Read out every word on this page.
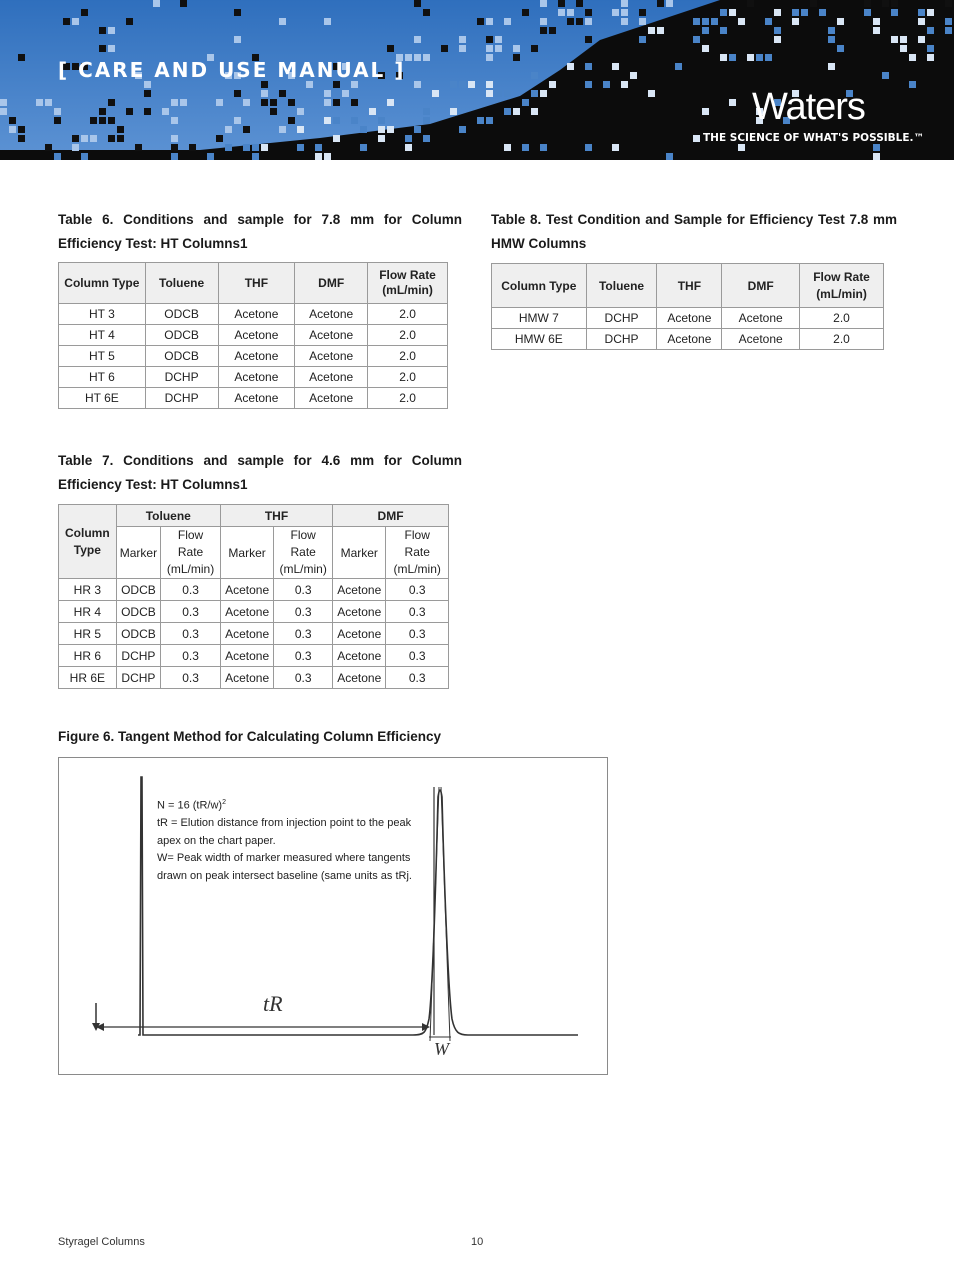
[ CARE AND USE MANUAL ]
Waters
THE SCIENCE OF WHAT'S POSSIBLE.™
Table 6. Conditions and sample for 7.8 mm for Column Efficiency Test: HT Columns1
Column Type	Toluene	THF	DMF	Flow Rate (mL/min)
HT 3	ODCB	Acetone	Acetone	2.0
HT 4	ODCB	Acetone	Acetone	2.0
HT 5	ODCB	Acetone	Acetone	2.0
HT 6	DCHP	Acetone	Acetone	2.0
HT 6E	DCHP	Acetone	Acetone	2.0
Table 8. Test Condition and Sample for Efficiency Test 7.8 mm HMW Columns
Column Type	Toluene	THF	DMF	Flow Rate (mL/min)
HMW 7	DCHP	Acetone	Acetone	2.0
HMW 6E	DCHP	Acetone	Acetone	2.0
Table 7. Conditions and sample for 4.6 mm for Column Efficiency Test: HT Columns1
Column Type	Toluene		THF		DMF	
	Marker	Flow Rate (mL/min)	Marker	Flow Rate (mL/min)	Marker	Flow Rate (mL/min)
HR 3	ODCB	0.3	Acetone	0.3	Acetone	0.3
HR 4	ODCB	0.3	Acetone	0.3	Acetone	0.3
HR 5	ODCB	0.3	Acetone	0.3	Acetone	0.3
HR 6	DCHP	0.3	Acetone	0.3	Acetone	0.3
HR 6E	DCHP	0.3	Acetone	0.3	Acetone	0.3
Figure 6. Tangent Method for Calculating Column Efficiency
tR
W
N = 16 $(tR/w)^2$
tR = Elution distance from injection point to the peak apex on the chart paper.
W= Peak width of marker measured where tangents drawn on peak intersect baseline (same units as tRj.
Styragel Columns	10
